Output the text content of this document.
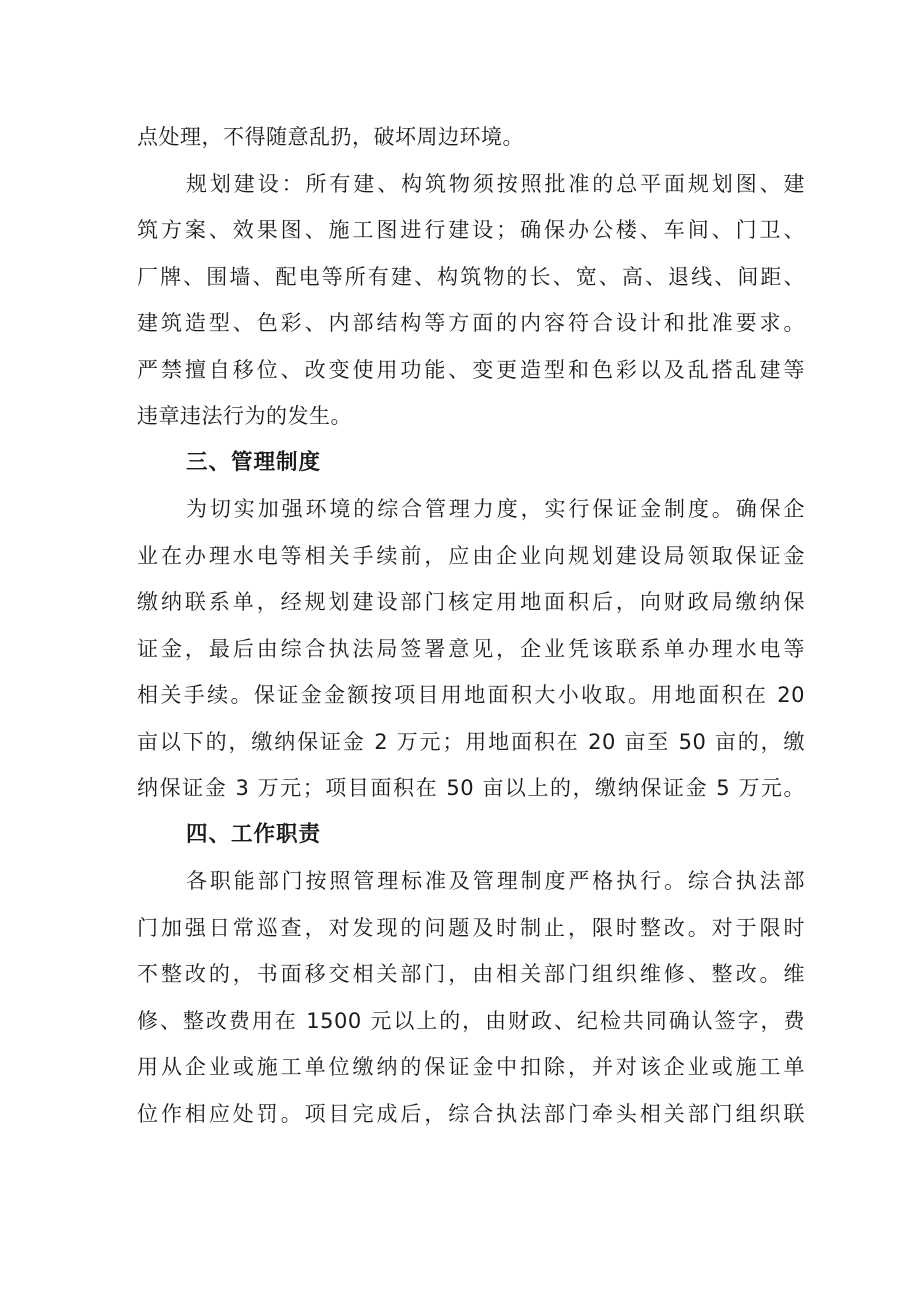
点处理，不得随意乱扔，破坏周边环境。
规划建设：所有建、构筑物须按照批准的总平面规划图、建
筑方案、效果图、施工图进行建设；确保办公楼、车间、门卫、
厂牌、围墙、配电等所有建、构筑物的长、宽、高、退线、间距、
建筑造型、色彩、内部结构等方面的内容符合设计和批准要求。
严禁擅自移位、改变使用功能、变更造型和色彩以及乱搭乱建等
违章违法行为的发生。
三、管理制度
为切实加强环境的综合管理力度，实行保证金制度。确保企
业在办理水电等相关手续前，应由企业向规划建设局领取保证金
缴纳联系单，经规划建设部门核定用地面积后，向财政局缴纳保
证金，最后由综合执法局签署意见，企业凭该联系单办理水电等
相关手续。保证金金额按项目用地面积大小收取。用地面积在 20
亩以下的，缴纳保证金 2 万元；用地面积在 20 亩至 50 亩的，缴
纳保证金 3 万元；项目面积在 50 亩以上的，缴纳保证金 5 万元。
四、工作职责
各职能部门按照管理标准及管理制度严格执行。综合执法部
门加强日常巡查，对发现的问题及时制止，限时整改。对于限时
不整改的，书面移交相关部门，由相关部门组织维修、整改。维
修、整改费用在 1500 元以上的，由财政、纪检共同确认签字，费
用从企业或施工单位缴纳的保证金中扣除，并对该企业或施工单
位作相应处罚。项目完成后，综合执法部门牵头相关部门组织联
